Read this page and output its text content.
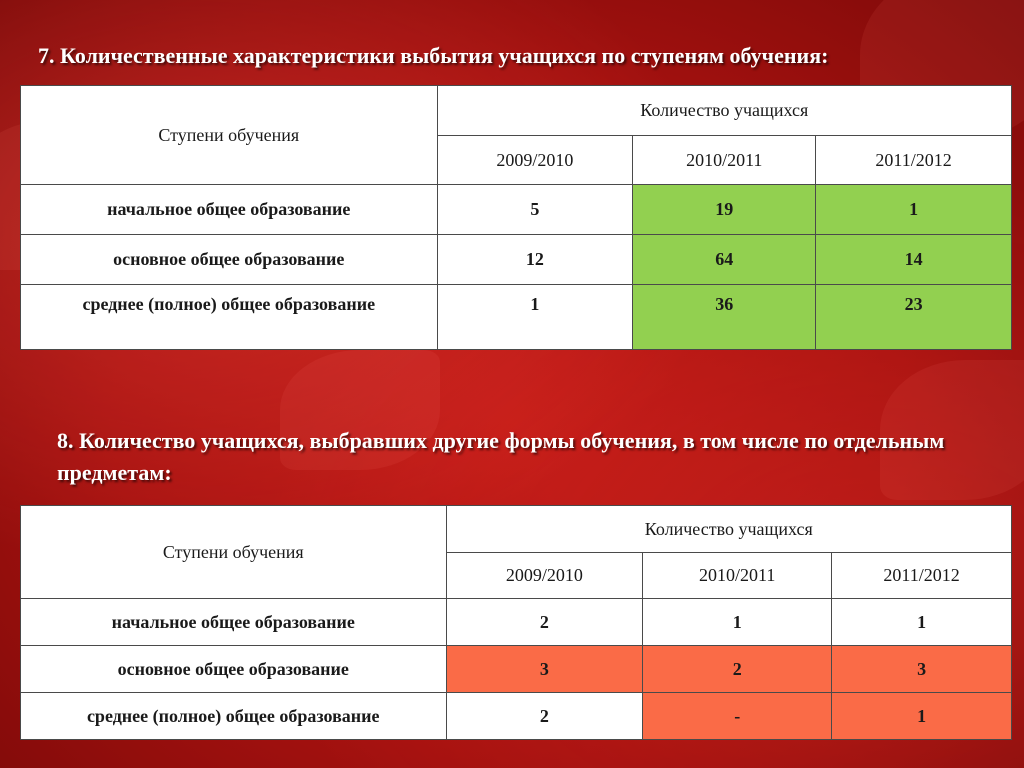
7. Количественные характеристики выбытия учащихся по ступеням обучения:
Ступени обучения	Количество учащихся		
	2009/2010	2010/2011	2011/2012
начальное общее образование	5	19	1
основное общее образование	12	64	14
среднее (полное) общее образование	1	36	23
8. Количество учащихся, выбравших другие формы обучения, в том числе по отдельным предметам:
Ступени обучения	Количество учащихся		
	2009/2010	2010/2011	2011/2012
начальное общее образование	2	1	1
основное общее образование	3	2	3
среднее (полное) общее образование	2	-	1
